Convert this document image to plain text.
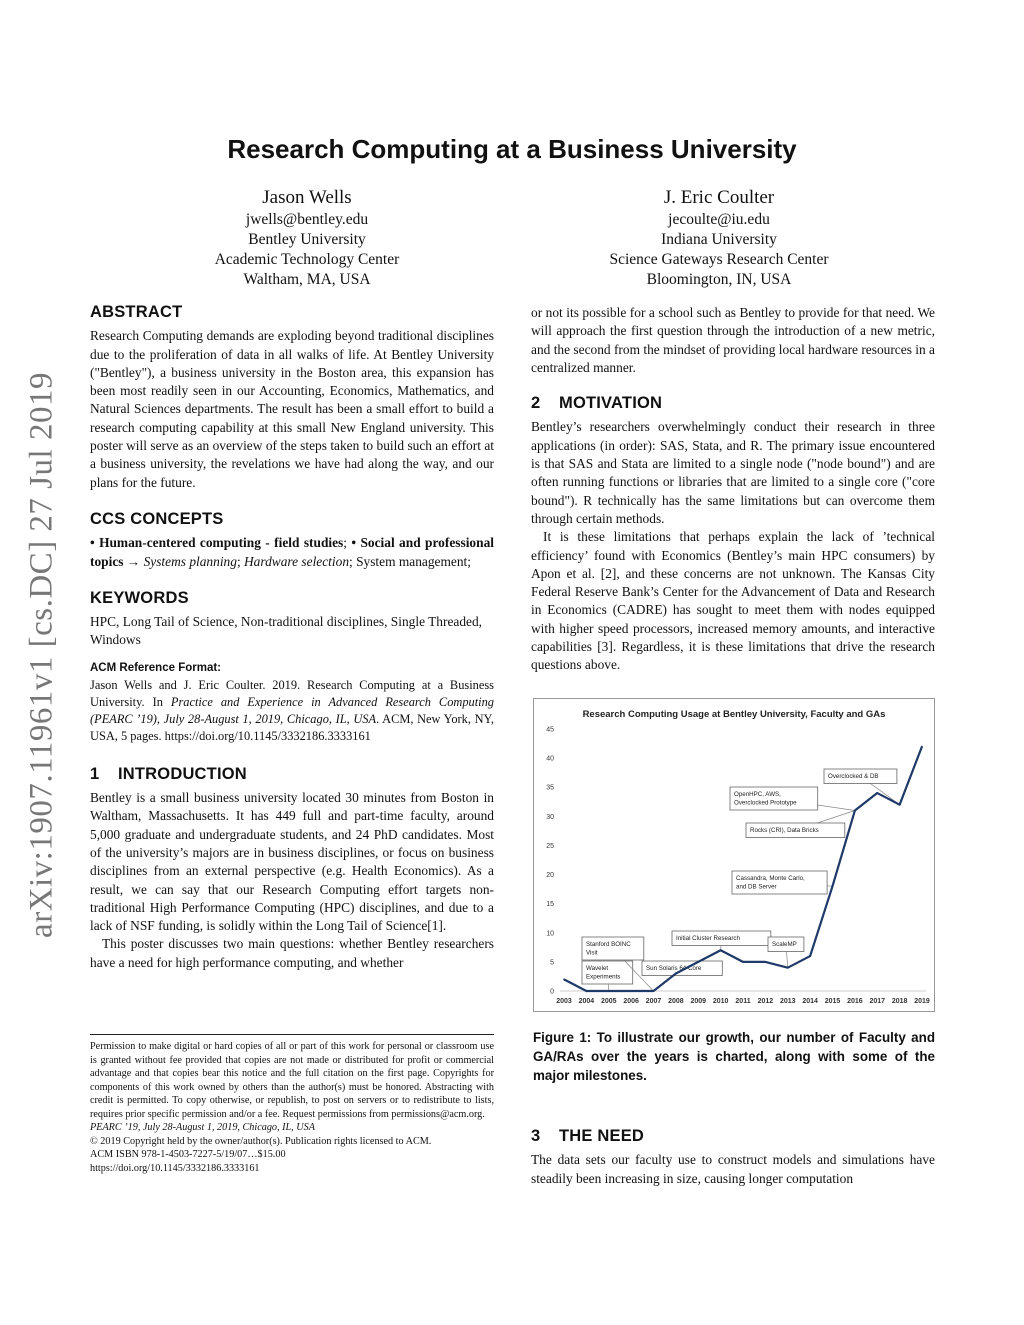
arXiv:1907.11961v1 [cs.DC] 27 Jul 2019
Research Computing at a Business University
Jason Wells
jwells@bentley.edu
Bentley University
Academic Technology Center
Waltham, MA, USA
J. Eric Coulter
jecoulte@iu.edu
Indiana University
Science Gateways Research Center
Bloomington, IN, USA
ABSTRACT

Research Computing demands are exploding beyond traditional disciplines due to the proliferation of data in all walks of life. At Bentley University ("Bentley"), a business university in the Boston area, this expansion has been most readily seen in our Accounting, Economics, Mathematics, and Natural Sciences departments. The result has been a small effort to build a research computing capability at this small New England university. This poster will serve as an overview of the steps taken to build such an effort at a business university, the revelations we have had along the way, and our plans for the future.

CCS CONCEPTS

• Human-centered computing - field studies; • Social and professional topics → Systems planning; Hardware selection; System management;

KEYWORDS

HPC, Long Tail of Science, Non-traditional disciplines, Single Threaded, Windows

ACM Reference Format:

Jason Wells and J. Eric Coulter. 2019. Research Computing at a Business University. In Practice and Experience in Advanced Research Computing (PEARC ’19), July 28-August 1, 2019, Chicago, IL, USA. ACM, New York, NY, USA, 5 pages. https://doi.org/10.1145/3332186.3333161

1 INTRODUCTION

Bentley is a small business university located 30 minutes from Boston in Waltham, Massachusetts. It has 449 full and part-time faculty, around 5,000 graduate and undergraduate students, and 24 PhD candidates. Most of the university’s majors are in business disciplines, or focus on business disciplines from an external perspective (e.g. Health Economics). As a result, we can say that our Research Computing effort targets non-traditional High Performance Computing (HPC) disciplines, and due to a lack of NSF funding, is solidly within the Long Tail of Science[1].

This poster discusses two main questions: whether Bentley researchers have a need for high performance computing, and whether

Permission to make digital or hard copies of all or part of this work for personal or classroom use is granted without fee provided that copies are not made or distributed for profit or commercial advantage and that copies bear this notice and the full citation on the first page. Copyrights for components of this work owned by others than the author(s) must be honored. Abstracting with credit is permitted. To copy otherwise, or republish, to post on servers or to redistribute to lists, requires prior specific permission and/or a fee. Request permissions from permissions@acm.org.

PEARC ’19, July 28-August 1, 2019, Chicago, IL, USA

© 2019 Copyright held by the owner/author(s). Publication rights licensed to ACM.

ACM ISBN 978-1-4503-7227-5/19/07…$15.00

https://doi.org/10.1145/3332186.3333161

or not its possible for a school such as Bentley to provide for that need. We will approach the first question through the introduction of a new metric, and the second from the mindset of providing local hardware resources in a centralized manner.

2 MOTIVATION

Bentley’s researchers overwhelmingly conduct their research in three applications (in order): SAS, Stata, and R. The primary issue encountered is that SAS and Stata are limited to a single node ("node bound") and are often running functions or libraries that are limited to a single core ("core bound"). R technically has the same limitations but can overcome them through certain methods.

It is these limitations that perhaps explain the lack of ’technical efficiency’ found with Economics (Bentley’s main HPC consumers) by Apon et al. [2], and these concerns are not unknown. The Kansas City Federal Reserve Bank’s Center for the Advancement of Data and Research in Economics (CADRE) has sought to meet them with nodes equipped with higher speed processors, increased memory amounts, and interactive capabilities [3]. Regardless, it is these limitations that drive the research questions above.

Research Computing Usage at Bentley University, Faculty and GAs
0
5
10
15
20
25
30
35
40
45
2003 2004 2005 2006 2007 2008 2009 2010 2011 2012 2013 2014 2015 2016 2017 2018 2019
Wavelet
Experiments
Stanford BOINC
Visit
Sun Solaris 64 Core
Initial Cluster Research
ScaleMP
Cassandra, Monte Carlo,
and DB Server
Rocks (CRI), Data Bricks
OpenHPC, AWS,
Overclocked Prototype
Overclocked & DB
Figure 1: To illustrate our growth, our number of Faculty and GA/RAs over the years is charted, along with some of the major milestones.
3 THE NEED

The data sets our faculty use to construct models and simulations have steadily been increasing in size, causing longer computation
